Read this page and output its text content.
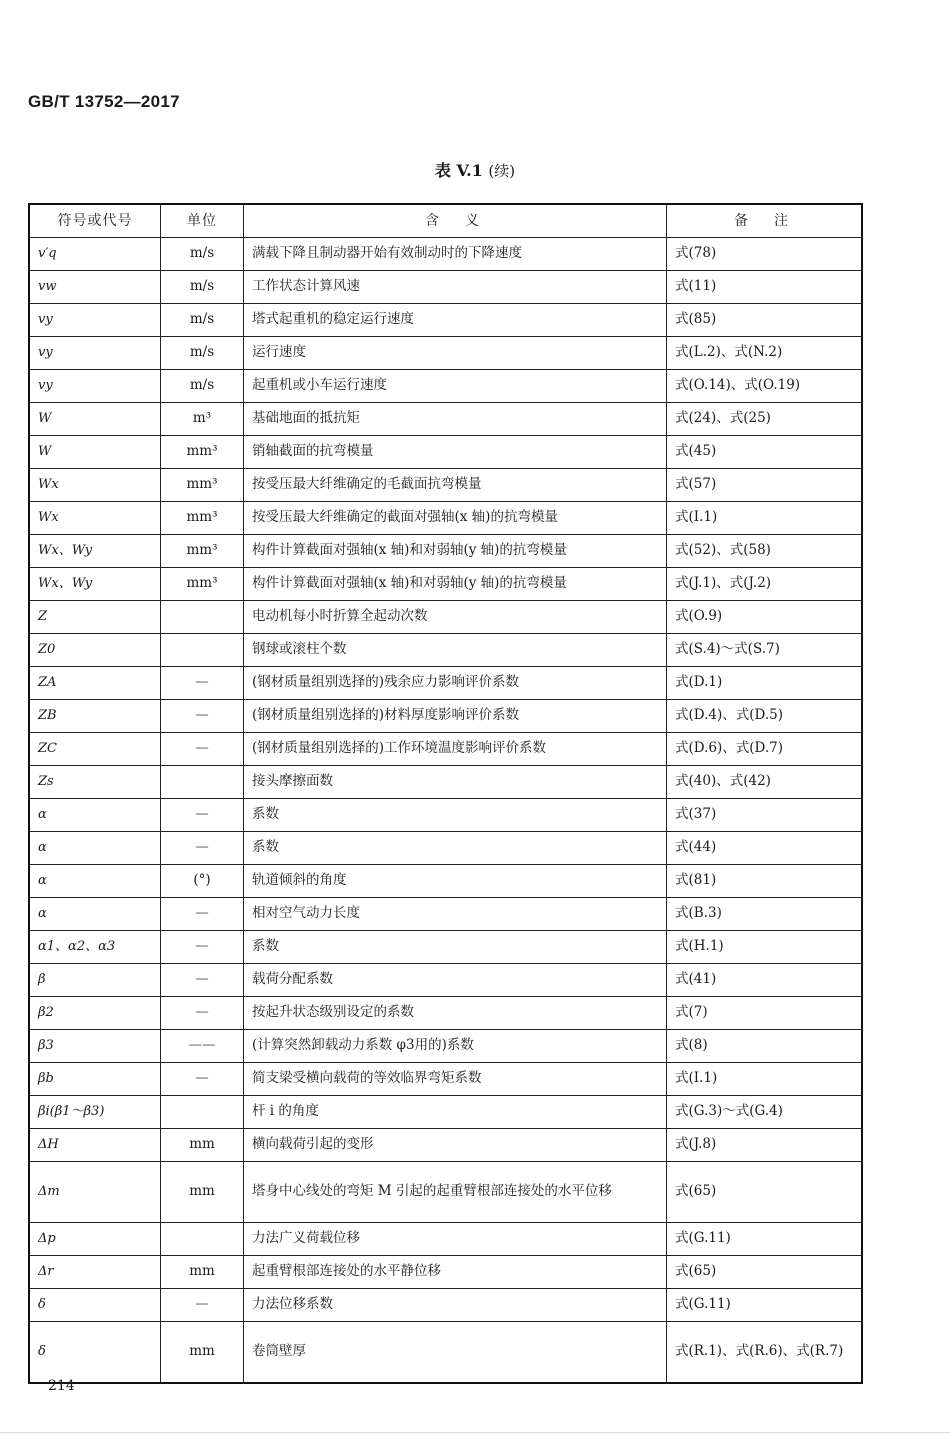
GB/T 13752—2017
表 V.1 (续)
符号或代号	单位	含　义	备　注
v′q	m/s	满载下降且制动器开始有效制动时的下降速度	式(78)
vw	m/s	工作状态计算风速	式(11)
vy	m/s	塔式起重机的稳定运行速度	式(85)
vy	m/s	运行速度	式(L.2)、式(N.2)
vy	m/s	起重机或小车运行速度	式(O.14)、式(O.19)
W	m³	基础地面的抵抗矩	式(24)、式(25)
W	mm³	销轴截面的抗弯模量	式(45)
Wx	mm³	按受压最大纤维确定的毛截面抗弯模量	式(57)
Wx	mm³	按受压最大纤维确定的截面对强轴(x 轴)的抗弯模量	式(I.1)
Wx、Wy	mm³	构件计算截面对强轴(x 轴)和对弱轴(y 轴)的抗弯模量	式(52)、式(58)
Wx、Wy	mm³	构件计算截面对强轴(x 轴)和对弱轴(y 轴)的抗弯模量	式(J.1)、式(J.2)
Z		电动机每小时折算全起动次数	式(O.9)
Z0		钢球或滚柱个数	式(S.4)～式(S.7)
ZA	—	(钢材质量组别选择的)残余应力影响评价系数	式(D.1)
ZB	—	(钢材质量组别选择的)材料厚度影响评价系数	式(D.4)、式(D.5)
ZC	—	(钢材质量组别选择的)工作环境温度影响评价系数	式(D.6)、式(D.7)
Zs		接头摩擦面数	式(40)、式(42)
α	—	系数	式(37)
α	—	系数	式(44)
α	(°)	轨道倾斜的角度	式(81)
α	—	相对空气动力长度	式(B.3)
α1、α2、α3	—	系数	式(H.1)
β	—	载荷分配系数	式(41)
β2	—	按起升状态级别设定的系数	式(7)
β3	——	(计算突然卸载动力系数 φ3用的)系数	式(8)
βb	—	简支梁受横向载荷的等效临界弯矩系数	式(I.1)
βi(β1～β3)		杆 i 的角度	式(G.3)～式(G.4)
ΔH	mm	横向载荷引起的变形	式(J.8)
Δm	mm	塔身中心线处的弯矩 M 引起的起重臂根部连接处的水平位移	式(65)
Δp		力法广义荷载位移	式(G.11)
Δr	mm	起重臂根部连接处的水平静位移	式(65)
δ	—	力法位移系数	式(G.11)
δ	mm	卷筒壁厚	式(R.1)、式(R.6)、式(R.7)
214
